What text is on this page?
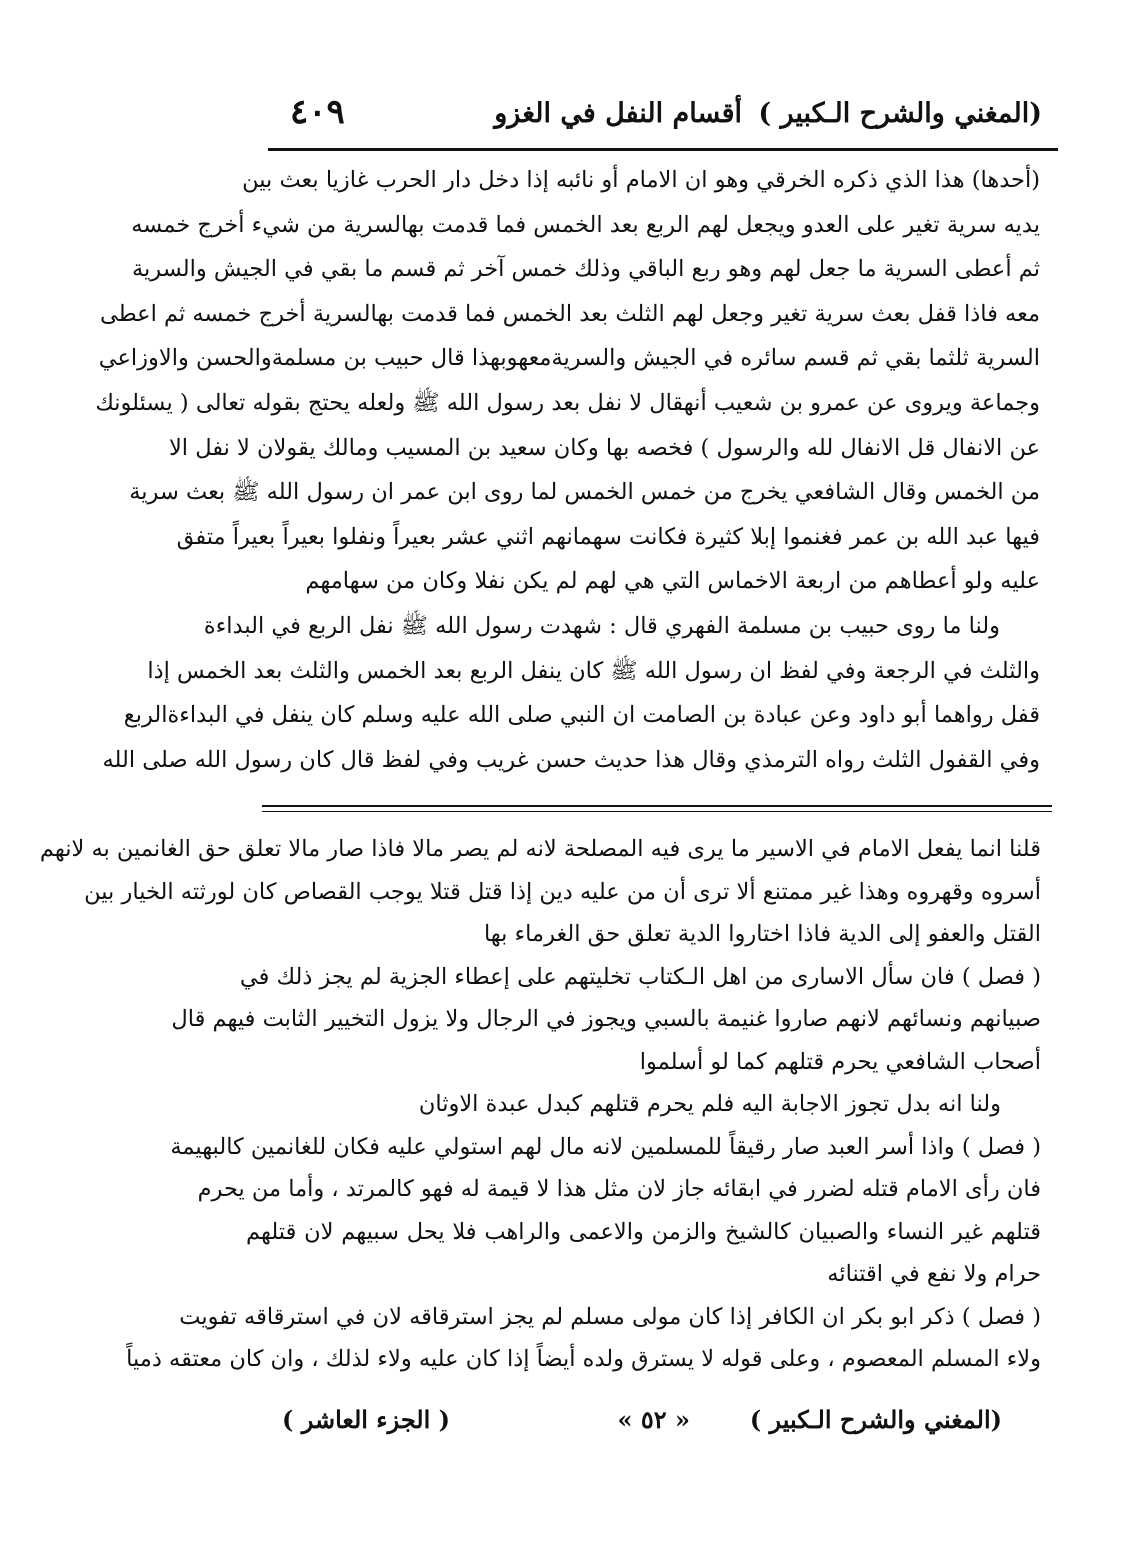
(المغني والشرح الـكبير )
أقسام النفل في الغزو
٤٠٩
(أحدها) هذا الذي ذكره الخرقي وهو ان الامام أو نائبه إذا دخل دار الحرب غازيا بعث بين
يديه سرية تغير على العدو ويجعل لهم الربع بعد الخمس فما قدمت بهالسرية من شيء أخرج خمسه
ثم أعطى السرية ما جعل لهم وهو ربع الباقي وذلك خمس آخر ثم قسم ما بقي في الجيش والسرية
معه فاذا قفل بعث سرية تغير وجعل لهم الثلث بعد الخمس فما قدمت بهالسرية أخرج خمسه ثم اعطى
السرية ثلثما بقي ثم قسم سائره في الجيش والسريةمعهوبهذا قال حبيب بن مسلمةوالحسن والاوزاعي
وجماعة ويروى عن عمرو بن شعيب أنهقال لا نفل بعد رسول الله ﷺ ولعله يحتج بقوله تعالى ( يسئلونك
عن الانفال قل الانفال لله والرسول ) فخصه بها وكان سعيد بن المسيب ومالك يقولان لا نفل الا
من الخمس وقال الشافعي يخرج من خمس الخمس لما روى ابن عمر ان رسول الله ﷺ بعث سرية
فيها عبد الله بن عمر فغنموا إبلا كثيرة فكانت سهمانهم اثني عشر بعيراً ونفلوا بعيراً بعيراً متفق
عليه ولو أعطاهم من اربعة الاخماس التي هي لهم لم يكن نفلا وكان من سهامهم
ولنا ما روى حبيب بن مسلمة الفهري قال : شهدت رسول الله ﷺ نفل الربع في البداءة
والثلث في الرجعة وفي لفظ ان رسول الله ﷺ كان ينفل الربع بعد الخمس والثلث بعد الخمس إذا
قفل رواهما أبو داود وعن عبادة بن الصامت ان النبي صلى الله عليه وسلم كان ينفل في البداءةالربع
وفي القفول الثلث رواه الترمذي وقال هذا حديث حسن غريب وفي لفظ قال كان رسول الله صلى الله
قلنا انما يفعل الامام في الاسير ما يرى فيه المصلحة لانه لم يصر مالا فاذا صار مالا تعلق حق الغانمين به لانهم
أسروه وقهروه وهذا غير ممتنع ألا ترى أن من عليه دين إذا قتل قتلا يوجب القصاص كان لورثته الخيار بين
القتل والعفو إلى الدية فاذا اختاروا الدية تعلق حق الغرماء بها
( فصل ) فان سأل الاسارى من اهل الـكتاب تخليتهم على إعطاء الجزية لم يجز ذلك في
صبيانهم ونسائهم لانهم صاروا غنيمة بالسبي ويجوز في الرجال ولا يزول التخيير الثابت فيهم قال
أصحاب الشافعي يحرم قتلهم كما لو أسلموا
ولنا انه بدل تجوز الاجابة اليه فلم يحرم قتلهم كبدل عبدة الاوثان
( فصل ) واذا أسر العبد صار رقيقاً للمسلمين لانه مال لهم استولي عليه فكان للغانمين كالبهيمة
فان رأى الامام قتله لضرر في ابقائه جاز لان مثل هذا لا قيمة له فهو كالمرتد ، وأما من يحرم
قتلهم غير النساء والصبيان كالشيخ والزمن والاعمى والراهب فلا يحل سبيهم لان قتلهم
حرام ولا نفع في اقتنائه
( فصل ) ذكر ابو بكر ان الكافر إذا كان مولى مسلم لم يجز استرقاقه لان في استرقاقه تفويت
ولاء المسلم المعصوم ، وعلى قوله لا يسترق ولده أيضاً إذا كان عليه ولاء لذلك ، وان كان معتقه ذمياً
(المغني والشرح الـكبير )
« ٥٢ »
( الجزء العاشر )
